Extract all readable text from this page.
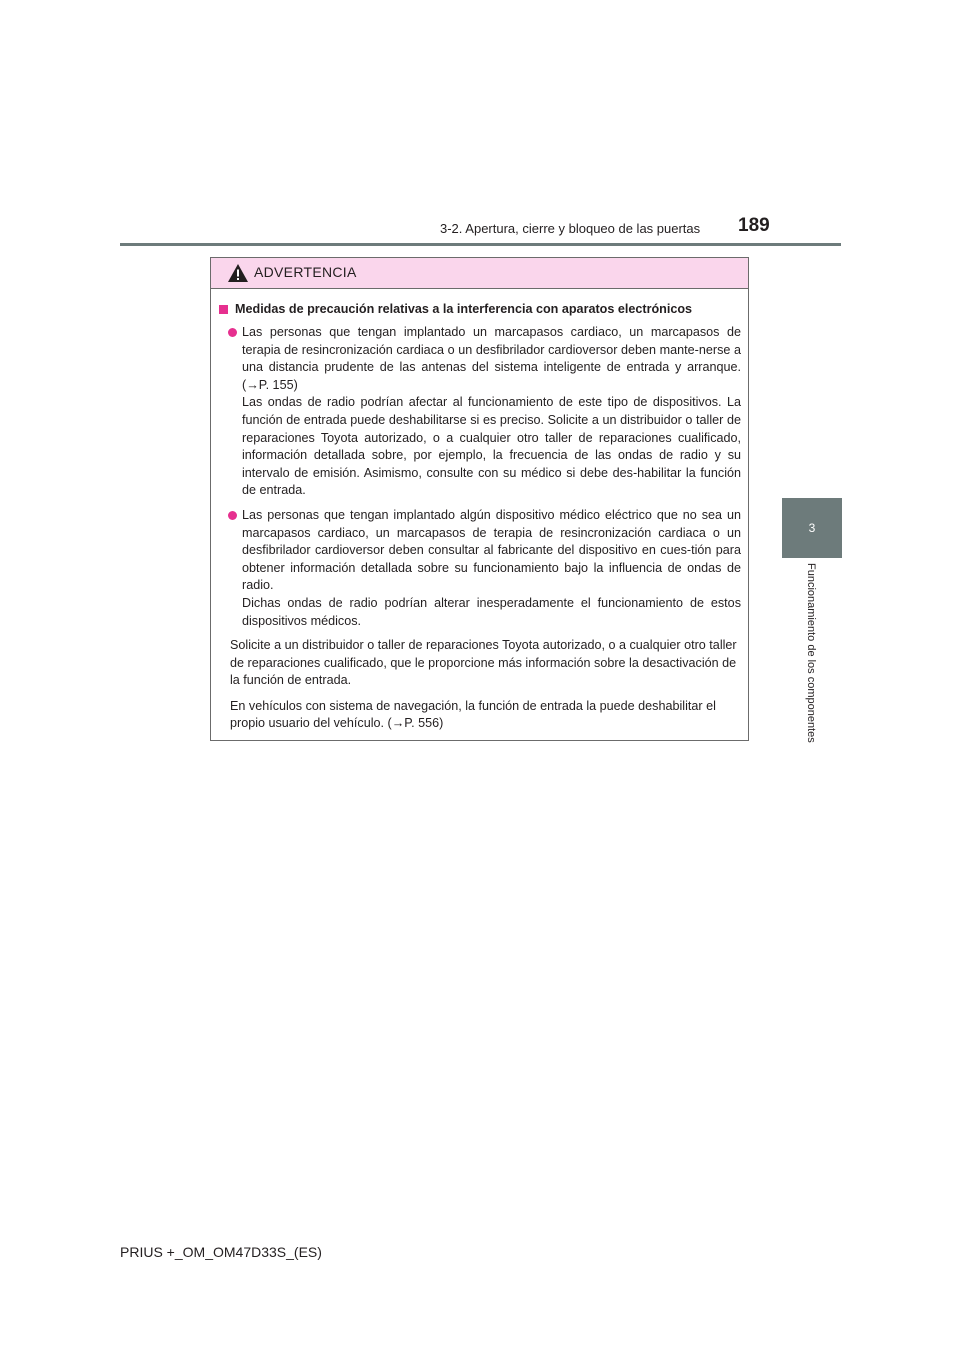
3-2. Apertura, cierre y bloqueo de las puertas 189
3
Funcionamiento de los componentes
ADVERTENCIA
Medidas de precaución relativas a la interferencia con aparatos electrónicos

Las personas que tengan implantado un marcapasos cardiaco, un marcapasos de terapia de resincronización cardiaca o un desfibrilador cardioversor deben mante-nerse a una distancia prudente de las antenas del sistema inteligente de entrada y arranque. (→P. 155)

Las ondas de radio podrían afectar al funcionamiento de este tipo de dispositivos. La función de entrada puede deshabilitarse si es preciso. Solicite a un distribuidor o taller de reparaciones Toyota autorizado, o a cualquier otro taller de reparaciones cualificado, información detallada sobre, por ejemplo, la frecuencia de las ondas de radio y su intervalo de emisión. Asimismo, consulte con su médico si debe des-habilitar la función de entrada.

Las personas que tengan implantado algún dispositivo médico eléctrico que no sea un marcapasos cardiaco, un marcapasos de terapia de resincronización cardiaca o un desfibrilador cardioversor deben consultar al fabricante del dispositivo en cues-tión para obtener información detallada sobre su funcionamiento bajo la influencia de ondas de radio.

Dichas ondas de radio podrían alterar inesperadamente el funcionamiento de estos dispositivos médicos.

Solicite a un distribuidor o taller de reparaciones Toyota autorizado, o a cualquier otro taller de reparaciones cualificado, que le proporcione más información sobre la desactivación de la función de entrada.

En vehículos con sistema de navegación, la función de entrada la puede deshabilitar el propio usuario del vehículo. (→P. 556)

PRIUS +_OM_OM47D33S_(ES)
